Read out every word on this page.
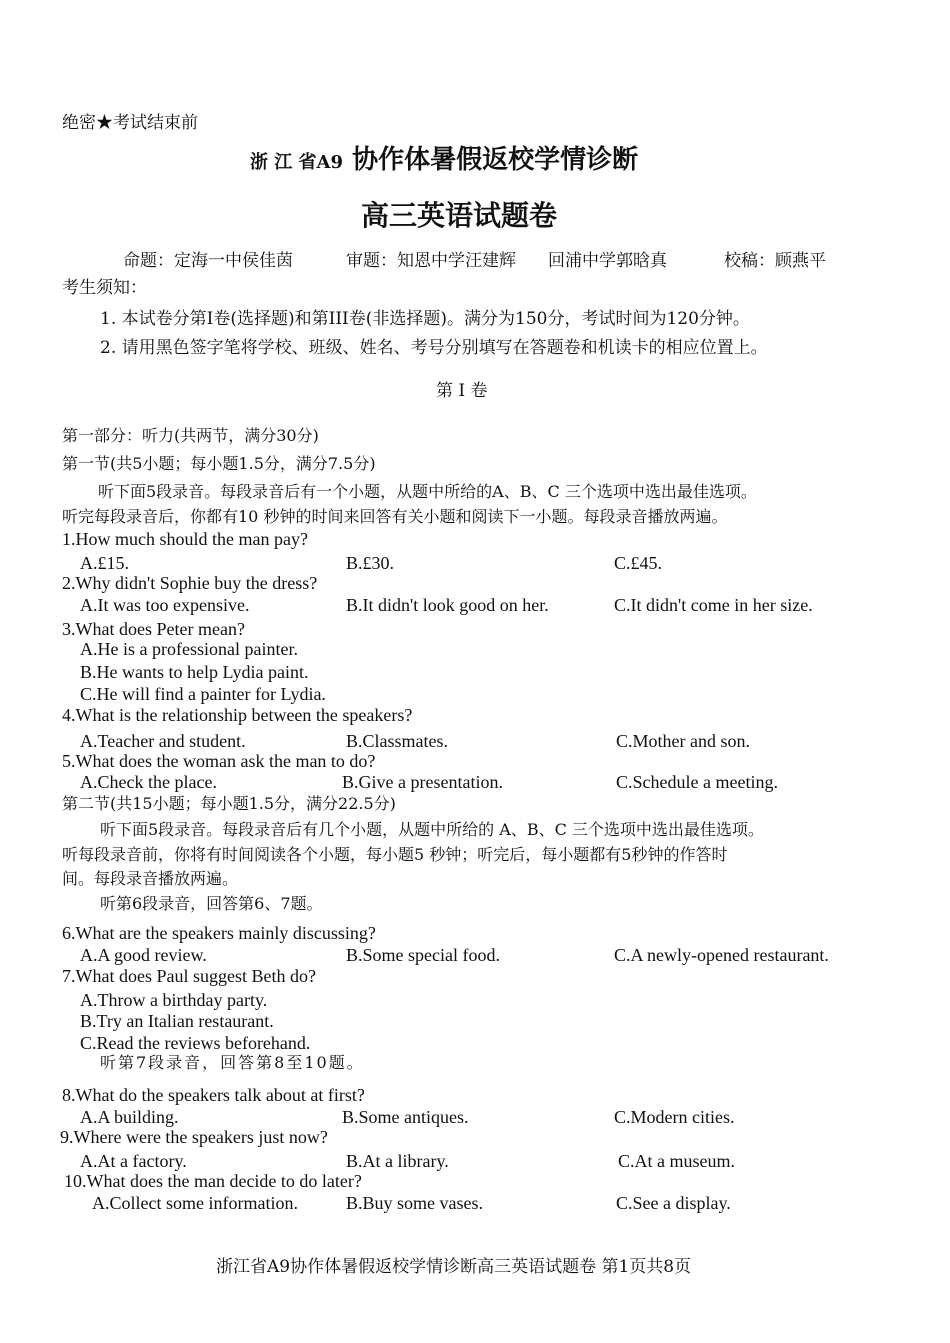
绝密★考试结束前
浙 江 省A9 协作体暑假返校学情诊断
高三英语试题卷
命题：定海一中侯佳茵	审题：知恩中学汪建辉 回浦中学郭晗真	校稿：顾燕平
考生须知：
1. 本试卷分第I卷(选择题)和第III卷(非选择题)。满分为150分，考试时间为120分钟。
2. 请用黑色签字笔将学校、班级、姓名、考号分别填写在答题卷和机读卡的相应位置上。
第 I 卷
第一部分：听力(共两节，满分30分)
第一节(共5小题；每小题1.5分，满分7.5分)
听下面5段录音。每段录音后有一个小题，从题中所给的A、B、C 三个选项中选出最佳选项。
听完每段录音后，你都有10 秒钟的时间来回答有关小题和阅读下一小题。每段录音播放两遍。
1.How much should the man pay?
A.£15.	B.£30.	C.£45.
2.Why didn't Sophie buy the dress?
A.It was too expensive.	B.It didn't look good on her.	C.It didn't come in her size.
3.What does Peter mean?
A.He is a professional painter.
B.He wants to help Lydia paint.
C.He will find a painter for Lydia.
4.What is the relationship between the speakers?
A.Teacher and student.	B.Classmates.	C.Mother and son.
5.What does the woman ask the man to do?
A.Check the place.	B.Give a presentation.	C.Schedule a meeting.
第二节(共15小题；每小题1.5分，满分22.5分)
听下面5段录音。每段录音后有几个小题，从题中所给的 A、B、C 三个选项中选出最佳选项。
听每段录音前，你将有时间阅读各个小题，每小题5 秒钟；听完后，每小题都有5秒钟的作答时
间。每段录音播放两遍。
听第6段录音，回答第6、7题。
6.What are the speakers mainly discussing?
A.A good review.	B.Some special food.	C.A newly-opened restaurant.
7.What does Paul suggest Beth do?
A.Throw a birthday party.
B.Try an Italian restaurant.
C.Read the reviews beforehand.
听第7段录音，回答第8至10题。
8.What do the speakers talk about at first?
A.A building.	B.Some antiques.	C.Modern cities.
9.Where were the speakers just now?
A.At a factory.	B.At a library.	C.At a museum.
10.What does the man decide to do later?
A.Collect some information.	B.Buy some vases.	C.See a display.
浙江省A9协作体暑假返校学情诊断高三英语试题卷 第1页共8页
